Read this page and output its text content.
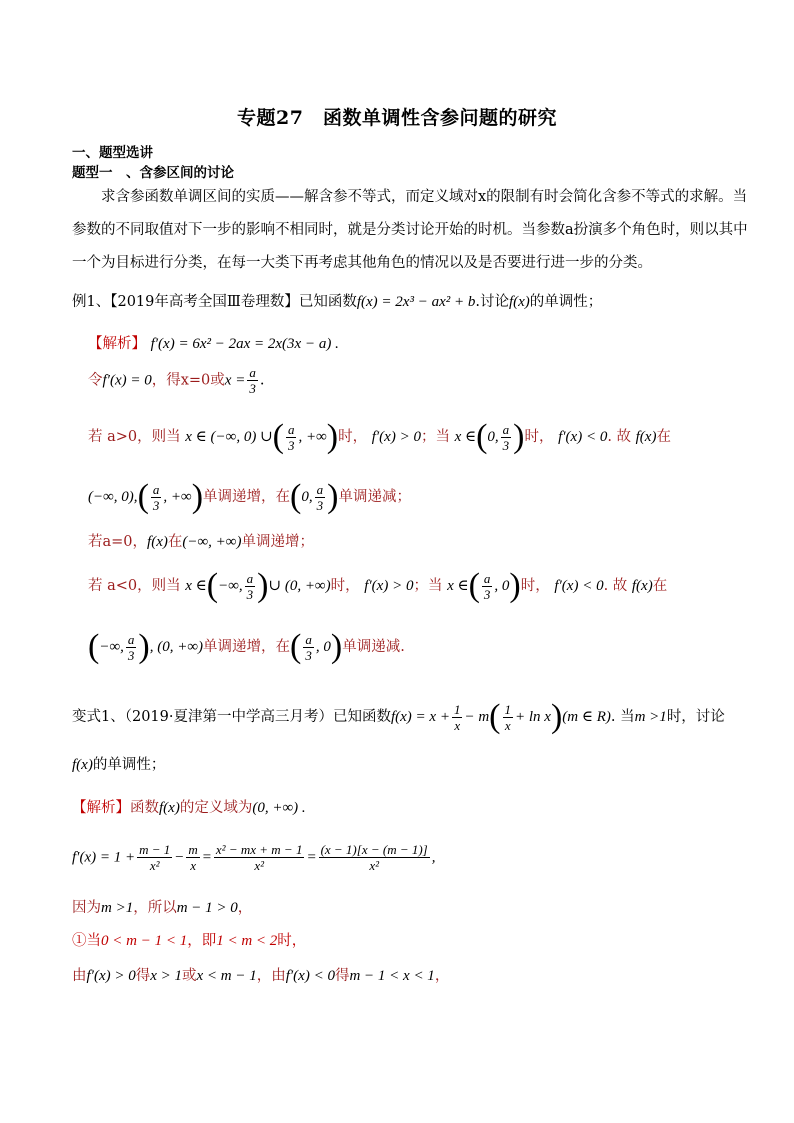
专题27　函数单调性含参问题的研究
一、题型选讲
题型一　、含参区间的讨论
求含参函数单调区间的实质——解含参不等式，而定义域对x的限制有时会简化含参不等式的求解。当
参数的不同取值对下一步的影响不相同时，就是分类讨论开始的时机。当参数a扮演多个角色时，则以其中
一个为目标进行分类，在每一大类下再考虑其他角色的情况以及是否要进行进一步的分类。
例1、【2019年高考全国Ⅲ卷理数】已知函数f(x) = 2x³ − ax² + b.讨论f(x)的单调性；
【解析】 f′(x) = 6x² − 2ax = 2x(3x − a) .
令f′(x) = 0，得x=0或$x = \frac{a}{3}$ .
若 a>0，则当 x ∈ (−∞, 0) ∪( $\frac{a}{3}$ , +∞)时， f′(x) > 0；当 x ∈(0, $\frac{a}{3}$ )时， f′(x) < 0. 故 f(x)在
(−∞, $0),( \frac{a}{3}$ , +∞)单调递增，在(0, $\frac{a}{3}$ )单调递减；
若a=0，f(x)在(−∞, +∞)单调递增；
若 a<0，则当 x ∈(−∞, $\frac{a}{3}$ )∪ (0, +∞)时， f′(x) > 0；当 x ∈( $\frac{a}{3}$ , 0)时， f′(x) < 0. 故 f(x)在
(−∞, $\frac{a}{3}$ ), (0, +∞)单调递增，在( $\frac{a}{3}$ , 0)单调递减.
变式1、（2019·夏津第一中学高三月考）已知函数$f(x) = x + \frac{1}{x} - m( \frac{1}{x} + \ln x)(m$ ∈ R). 当m >1时，讨论
f(x)的单调性；
【解析】函数f(x)的定义域为(0, +∞) .
$f'(x) = 1 + \frac{m - 1}{\text{x²}} - \frac{m}{x} = \frac{\text{x² − mx + m − 1}}{\text{x²}} = \frac{(x - 1)[x - (m - 1)]}{\text{x²}}$ ,
因为m >1，所以m − 1 > 0，
①当0 < m − 1 < 1，即1 < m < 2时，
由f′(x) > 0得x > 1或x < m − 1，由f′(x) < 0得m − 1 < x < 1，
